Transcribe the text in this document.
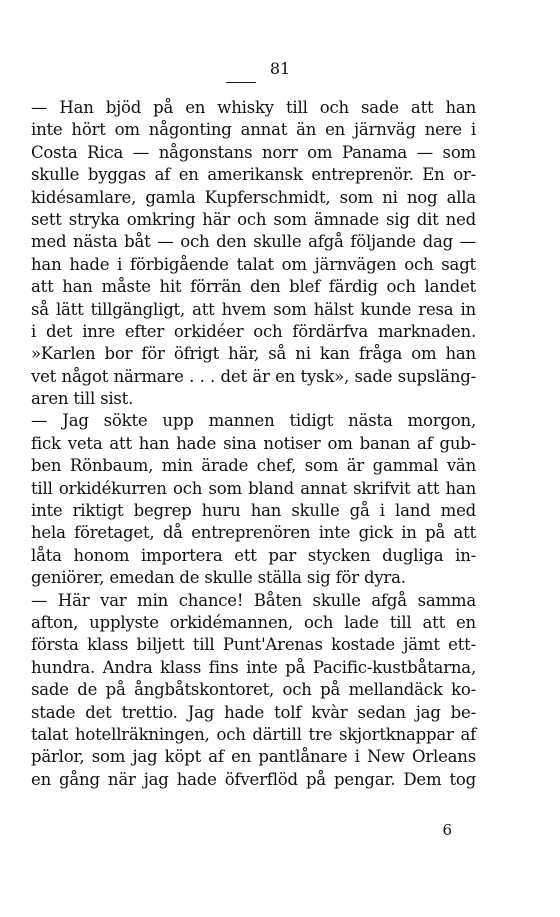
81
— Han bjöd på en whisky till och sade att han
inte hört om någonting annat än en järnväg nere i
Costa Rica — någonstans norr om Panama — som
skulle byggas af en amerikansk entreprenör. En or-
kidésamlare, gamla Kupferschmidt, som ni nog alla
sett stryka omkring här och som ämnade sig dit ned
med nästa båt — och den skulle afgå följande dag —
han hade i förbigående talat om järnvägen och sagt
att han måste hit förrän den blef färdig och landet
så lätt tillgängligt, att hvem som hälst kunde resa in
i det inre efter orkidéer och fördärfva marknaden.
»Karlen bor för öfrigt här, så ni kan fråga om han
vet något närmare . . . det är en tysk», sade supsläng-
aren till sist.
— Jag sökte upp mannen tidigt nästa morgon,
fick veta att han hade sina notiser om banan af gub-
ben Rönbaum, min ärade chef, som är gammal vän
till orkidékurren och som bland annat skrifvit att han
inte riktigt begrep huru han skulle gå i land med
hela företaget, då entreprenören inte gick in på att
låta honom importera ett par stycken dugliga in-
geniörer, emedan de skulle ställa sig för dyra.
— Här var min chance! Båten skulle afgå samma
afton, upplyste orkidémannen, och lade till att en
första klass biljett till Punt'Arenas kostade jämt ett-
hundra. Andra klass fins inte på Pacific-kustbåtarna,
sade de på ångbåtskontoret, och på mellandäck ko-
stade det trettio. Jag hade tolf kvàr sedan jag be-
talat hotellräkningen, och därtill tre skjortknappar af
pärlor, som jag köpt af en pantlånare i New Orleans
en gång när jag hade öfverflöd på pengar. Dem tog
6
